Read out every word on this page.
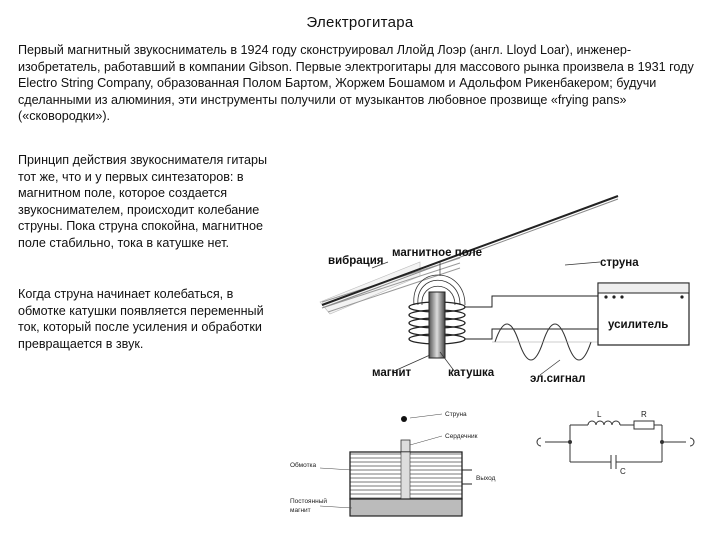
Электрогитара
Первый магнитный звукосниматель в 1924 году сконструировал Ллойд Лоэр (англ. Lloyd Loar), инженер-изобретатель, работавший в компании Gibson. Первые электрогитары для массового рынка произвела в 1931 году Electro String Company, образованная Полом Бартом, Жоржем Бошамом и Адольфом Рикенбакером; будучи сделанными из алюминия, эти инструменты получили от музыкантов любовное прозвище «frying pans» («сковородки»).
Принцип действия звукоснимателя гитары тот же, что и у первых синтезаторов: в магнитном поле, которое создается звукоснимателем, происходит колебание струны. Пока струна спокойна, магнитное поле стабильно, тока в катушке нет.
Когда струна начинает колебаться, в обмотке катушки появляется переменный ток, который после усиления и обработки превращается в звук.
усилитель
вибрация
магнитное поле
струна
магнит	катушка	эл.сигнал
Струна
Сердечник
Обмотка
Выход
Постоянный
магнит
L	R
C
